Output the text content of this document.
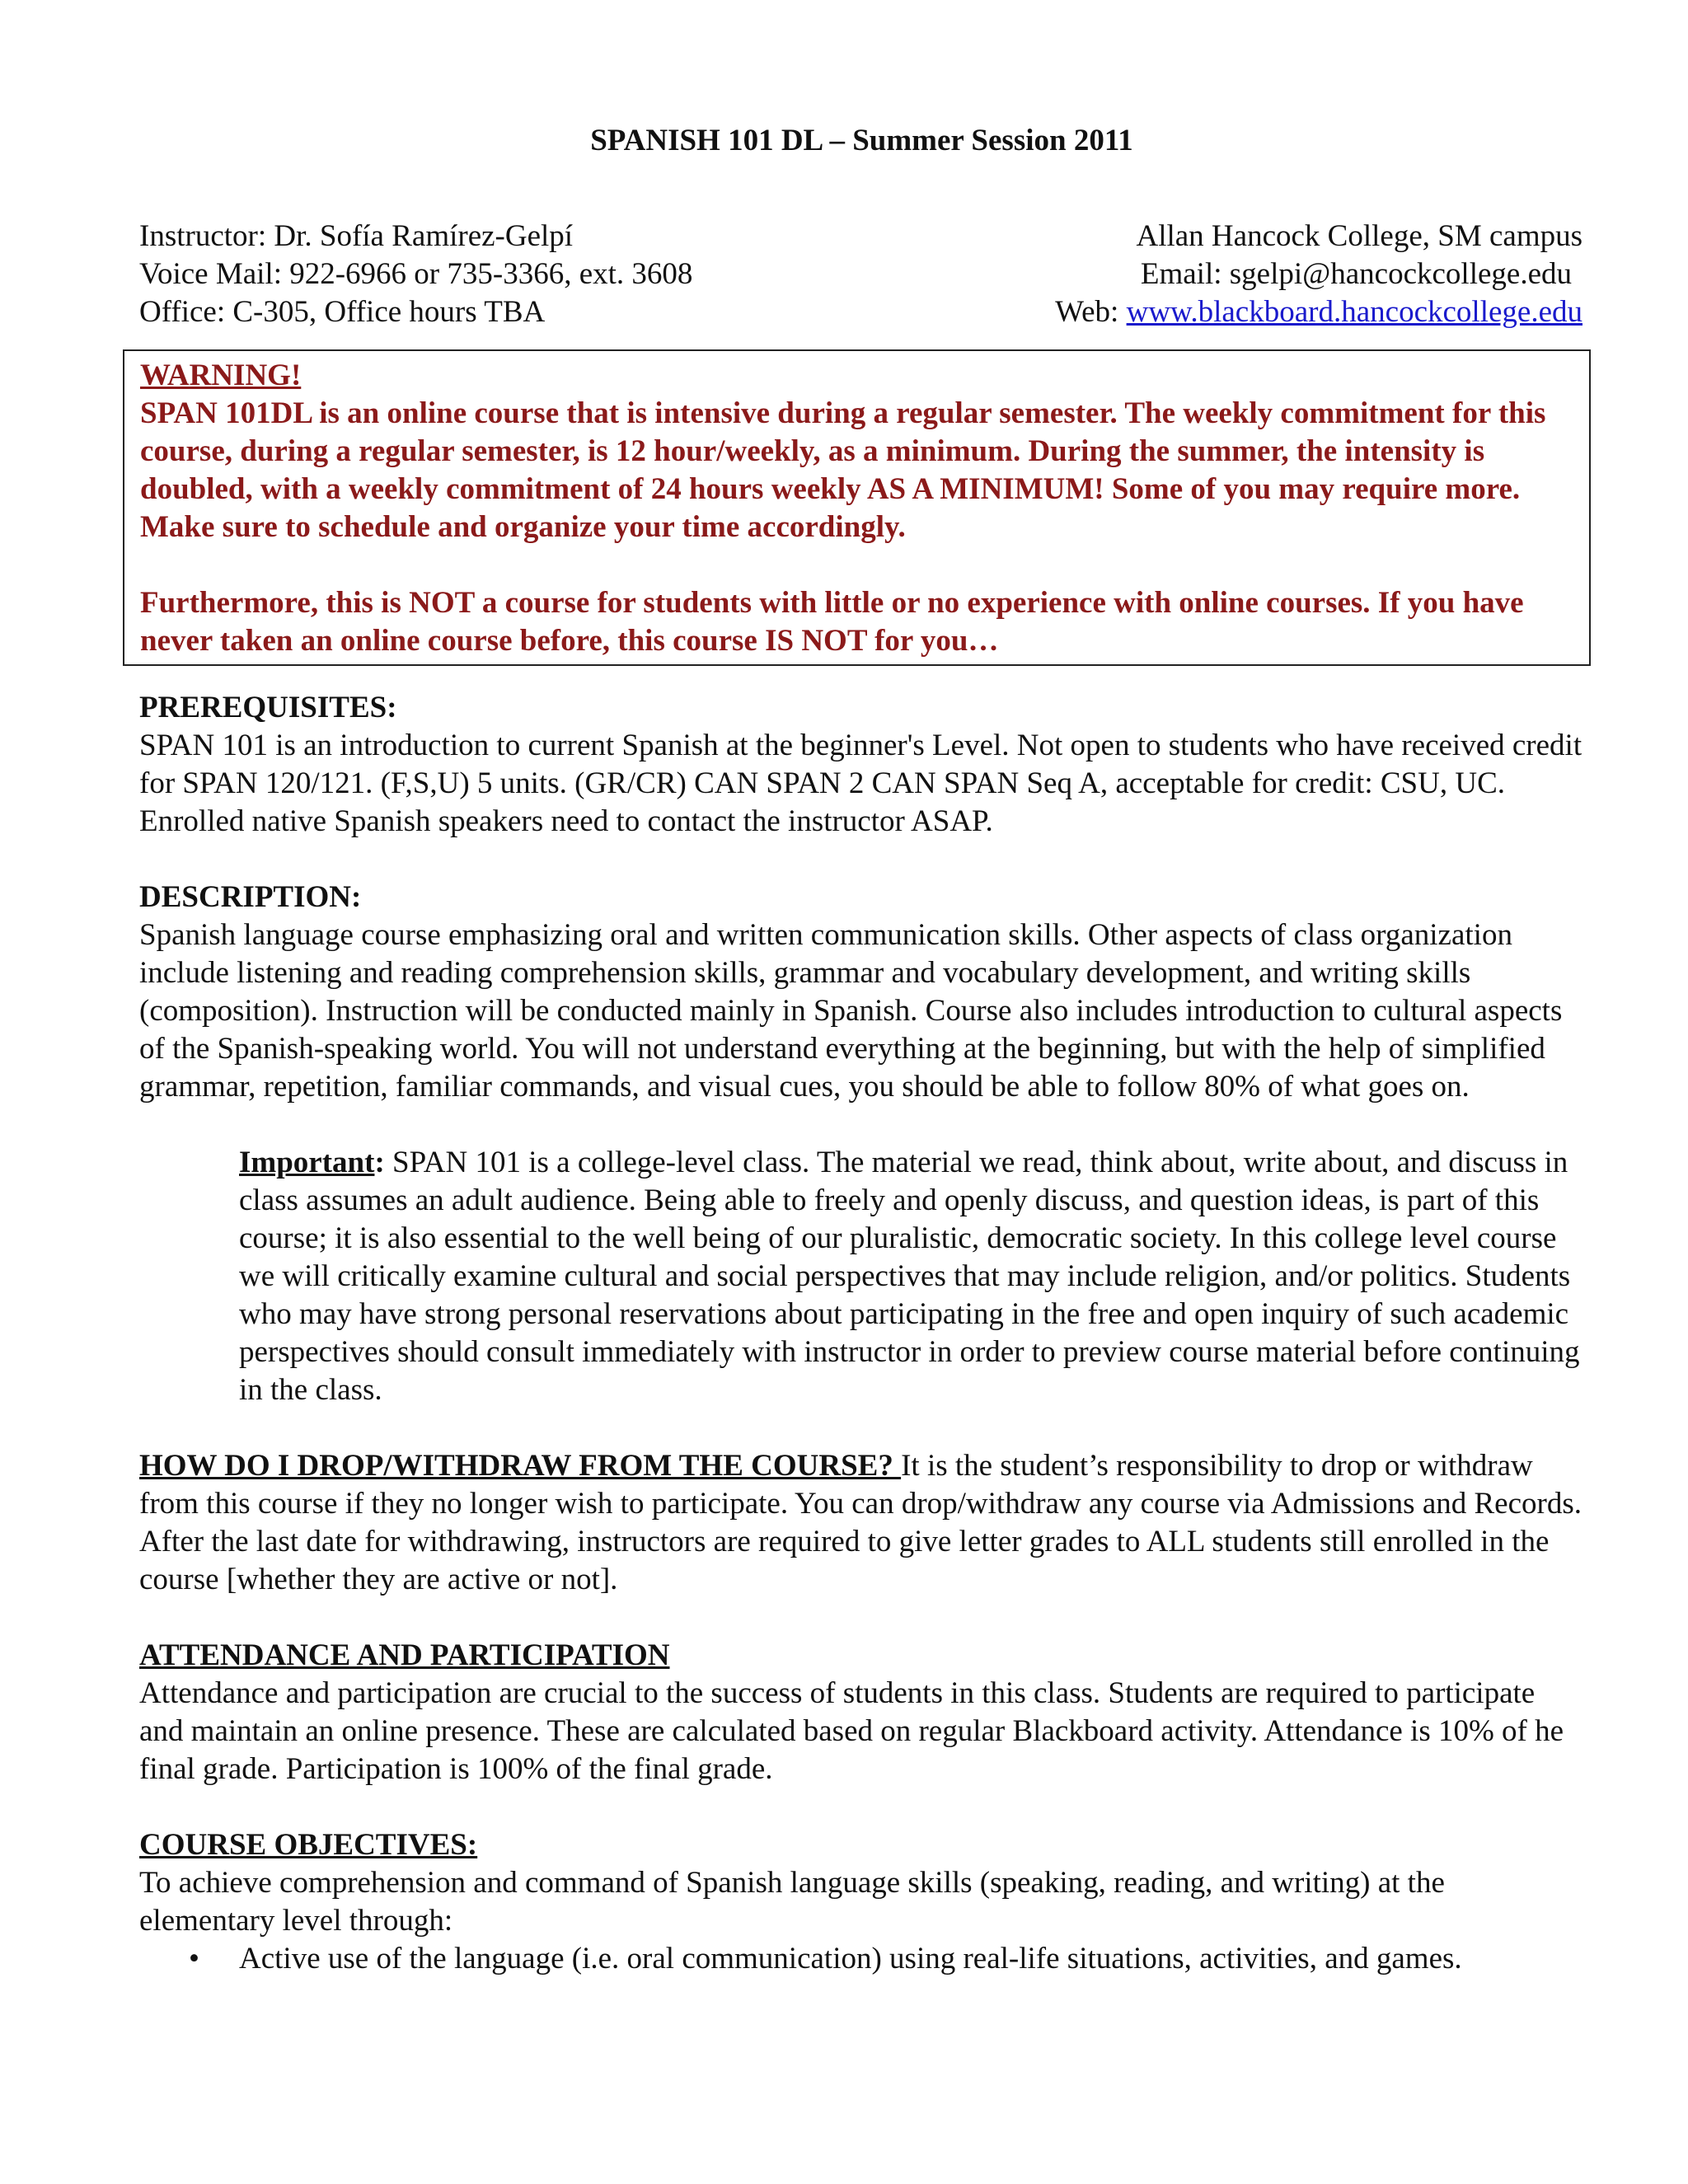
SPANISH 101 DL – Summer Session 2011
Instructor: Dr. Sofía Ramírez-Gelpí
Voice Mail: 922-6966 or 735-3366, ext. 3608
Office: C-305, Office hours TBA
Allan Hancock College, SM campus
Email: sgelpi@hancockcollege.edu
Web: www.blackboard.hancockcollege.edu
WARNING!

SPAN 101DL is an online course that is intensive during a regular semester. The weekly commitment for this course, during a regular semester, is 12 hour/weekly, as a minimum. During the summer, the intensity is doubled, with a weekly commitment of 24 hours weekly AS A MINIMUM! Some of you may require more. Make sure to schedule and organize your time accordingly.

Furthermore, this is NOT a course for students with little or no experience with online courses. If you have never taken an online course before, this course IS NOT for you…

PREREQUISITES:

SPAN 101 is an introduction to current Spanish at the beginner's Level. Not open to students who have received credit for SPAN 120/121. (F,S,U) 5 units. (GR/CR) CAN SPAN 2 CAN SPAN Seq A, acceptable for credit: CSU, UC. Enrolled native Spanish speakers need to contact the instructor ASAP.

DESCRIPTION:

Spanish language course emphasizing oral and written communication skills. Other aspects of class organization include listening and reading comprehension skills, grammar and vocabulary development, and writing skills (composition). Instruction will be conducted mainly in Spanish. Course also includes introduction to cultural aspects of the Spanish-speaking world. You will not understand everything at the beginning, but with the help of simplified grammar, repetition, familiar commands, and visual cues, you should be able to follow 80% of what goes on.

Important: SPAN 101 is a college-level class. The material we read, think about, write about, and discuss in class assumes an adult audience. Being able to freely and openly discuss, and question ideas, is part of this course; it is also essential to the well being of our pluralistic, democratic society. In this college level course we will critically examine cultural and social perspectives that may include religion, and/or politics. Students who may have strong personal reservations about participating in the free and open inquiry of such academic perspectives should consult immediately with instructor in order to preview course material before continuing in the class.
HOW DO I DROP/WITHDRAW FROM THE COURSE? It is the student’s responsibility to drop or withdraw from this course if they no longer wish to participate. You can drop/withdraw any course via Admissions and Records. After the last date for withdrawing, instructors are required to give letter grades to ALL students still enrolled in the course [whether they are active or not].
ATTENDANCE AND PARTICIPATION

Attendance and participation are crucial to the success of students in this class. Students are required to participate and maintain an online presence. These are calculated based on regular Blackboard activity. Attendance is 10% of he final grade. Participation is 100% of the final grade.

COURSE OBJECTIVES:

To achieve comprehension and command of Spanish language skills (speaking, reading, and writing) at the elementary level through:

• Active use of the language (i.e. oral communication) using real-life situations, activities, and games.
